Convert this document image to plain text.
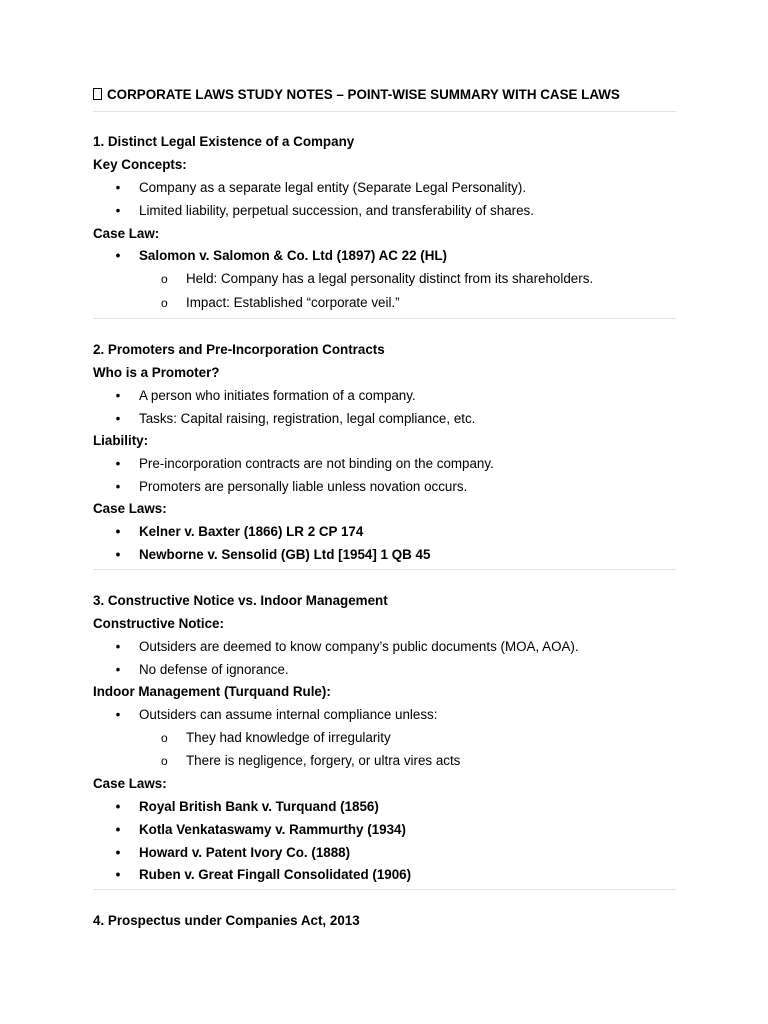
CORPORATE LAWS STUDY NOTES – POINT-WISE SUMMARY WITH CASE LAWS
1. Distinct Legal Existence of a Company
Key Concepts:
• Company as a separate legal entity (Separate Legal Personality).
• Limited liability, perpetual succession, and transferability of shares.
Case Law:
• Salomon v. Salomon & Co. Ltd (1897) AC 22 (HL)
o Held: Company has a legal personality distinct from its shareholders.
o Impact: Established “corporate veil.”
2. Promoters and Pre-Incorporation Contracts
Who is a Promoter?
• A person who initiates formation of a company.
• Tasks: Capital raising, registration, legal compliance, etc.
Liability:
• Pre-incorporation contracts are not binding on the company.
• Promoters are personally liable unless novation occurs.
Case Laws:
• Kelner v. Baxter (1866) LR 2 CP 174
• Newborne v. Sensolid (GB) Ltd [1954] 1 QB 45
3. Constructive Notice vs. Indoor Management
Constructive Notice:
• Outsiders are deemed to know company’s public documents (MOA, AOA).
• No defense of ignorance.
Indoor Management (Turquand Rule):
• Outsiders can assume internal compliance unless:
o They had knowledge of irregularity
o There is negligence, forgery, or ultra vires acts
Case Laws:
• Royal British Bank v. Turquand (1856)
• Kotla Venkataswamy v. Rammurthy (1934)
• Howard v. Patent Ivory Co. (1888)
• Ruben v. Great Fingall Consolidated (1906)
4. Prospectus under Companies Act, 2013
